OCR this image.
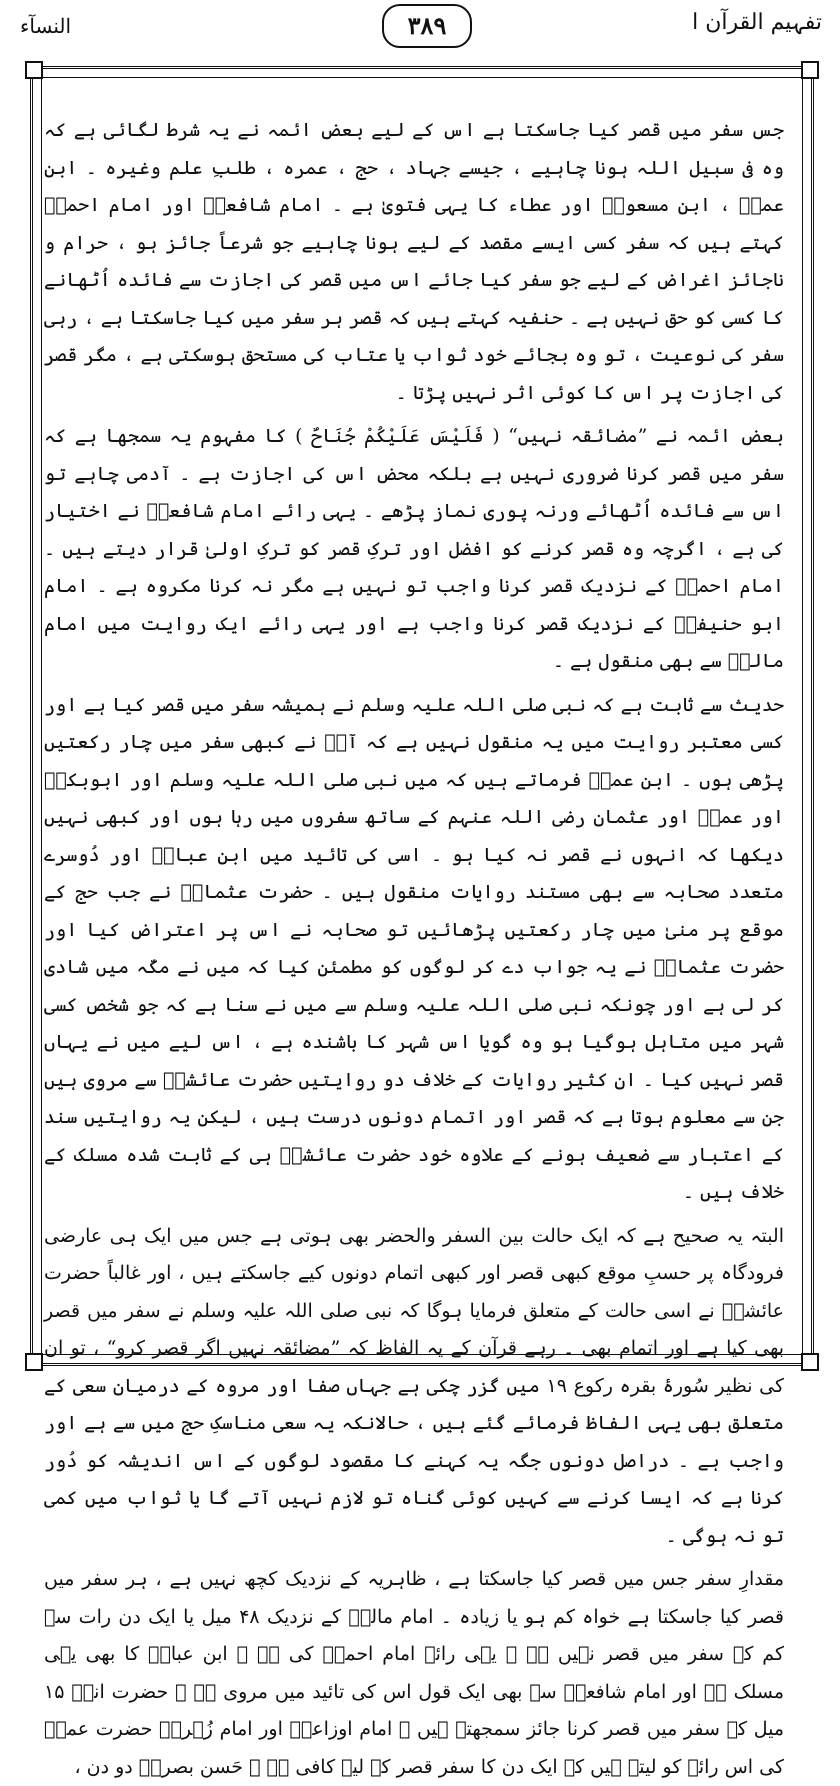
النسآء	۳۸۹	تفہیم القرآن ا

جس سفر میں قصر کیا جاسکتا ہے اس کے لیے بعض ائمہ نے یہ شرط لگائی ہے کہ وہ فی سبیل اللہ ہونا چاہیے ، جیسے جہاد ، حج ، عمرہ ، طلبِ علم وغیرہ ۔ ابن عمرؓ ، ابن مسعودؓ اور عطاء کا یہی فتویٰ ہے ۔ امام شافعیؒ اور امام احمدؒ کہتے ہیں کہ سفر کسی ایسے مقصد کے لیے ہونا چاہیے جو شرعاً جائز ہو ، حرام و ناجائز اغراض کے لیے جو سفر کیا جائے اس میں قصر کی اجازت سے فائدہ اُٹھانے کا کسی کو حق نہیں ہے ۔ حنفیہ کہتے ہیں کہ قصر ہر سفر میں کیا جاسکتا ہے ، رہی سفر کی نوعیت ، تو وہ بجائے خود ثواب یا عتاب کی مستحق ہوسکتی ہے ، مگر قصر کی اجازت پر اس کا کوئی اثر نہیں پڑتا ۔

بعض ائمہ نے ”مضائقہ نہیں“ ( فَلَيْسَ عَلَيْكُمْ جُنَاحٌ ) کا مفہوم یہ سمجھا ہے کہ سفر میں قصر کرنا ضروری نہیں ہے بلکہ محض اس کی اجازت ہے ۔ آدمی چاہے تو اس سے فائدہ اُٹھائے ورنہ پوری نماز پڑھے ۔ یہی رائے امام شافعیؒ نے اختیار کی ہے ، اگرچہ وہ قصر کرنے کو افضل اور ترکِ قصر کو ترکِ اولیٰ قرار دیتے ہیں ۔ امام احمدؒ کے نزدیک قصر کرنا واجب تو نہیں ہے مگر نہ کرنا مکروہ ہے ۔ امام ابو حنیفہؒ کے نزدیک قصر کرنا واجب ہے اور یہی رائے ایک روایت میں امام مالکؒ سے بھی منقول ہے ۔

حدیث سے ثابت ہے کہ نبی صلی اللہ علیہ وسلم نے ہمیشہ سفر میں قصر کیا ہے اور کسی معتبر روایت میں یہ منقول نہیں ہے کہ آپؐ نے کبھی سفر میں چار رکعتیں پڑھی ہوں ۔ ابن عمرؓ فرماتے ہیں کہ میں نبی صلی اللہ علیہ وسلم اور ابوبکرؓ اور عمرؓ اور عثمان رضی اللہ عنہم کے ساتھ سفروں میں رہا ہوں اور کبھی نہیں دیکھا کہ انہوں نے قصر نہ کیا ہو ۔ اسی کی تائید میں ابن عباسؓ اور دُوسرے متعدد صحابہ سے بھی مستند روایات منقول ہیں ۔ حضرت عثمانؓ نے جب حج کے موقع پر منیٰ میں چار رکعتیں پڑھائیں تو صحابہ نے اس پر اعتراض کیا اور حضرت عثمانؓ نے یہ جواب دے کر لوگوں کو مطمئن کیا کہ میں نے مکّہ میں شادی کر لی ہے اور چونکہ نبی صلی اللہ علیہ وسلم سے میں نے سنا ہے کہ جو شخص کسی شہر میں متاہل ہوگیا ہو وہ گویا اس شہر کا باشندہ ہے ، اس لیے میں نے یہاں قصر نہیں کیا ۔ ان کثیر روایات کے خلاف دو روایتیں حضرت عائشہؓ سے مروی ہیں جن سے معلوم ہوتا ہے کہ قصر اور اتمام دونوں درست ہیں ، لیکن یہ روایتیں سند کے اعتبار سے ضعیف ہونے کے علاوہ خود حضرت عائشہؓ ہی کے ثابت شدہ مسلک کے خلاف ہیں ۔

البتہ یہ صحیح ہے کہ ایک حالت بین السفر والحضر بھی ہوتی ہے جس میں ایک ہی عارضی فرودگاہ پر حسبِ موقع کبھی قصر اور کبھی اتمام دونوں کیے جاسکتے ہیں ، اور غالباً حضرت عائشہؓ نے اسی حالت کے متعلق فرمایا ہوگا کہ نبی صلی اللہ علیہ وسلم نے سفر میں قصر بھی کیا ہے اور اتمام بھی ۔ رہے قرآن کے یہ الفاظ کہ ”مضائقہ نہیں اگر قصر کرو“ ، تو ان کی نظیر سُورۂ بقرہ رکوع ۱۹ میں گزر چکی ہے جہاں صفا اور مروہ کے درمیان سعی کے متعلق بھی یہی الفاظ فرمائے گئے ہیں ، حالانکہ یہ سعی مناسکِ حج میں سے ہے اور واجب ہے ۔ دراصل دونوں جگہ یہ کہنے کا مقصود لوگوں کے اس اندیشہ کو دُور کرنا ہے کہ ایسا کرنے سے کہیں کوئی گناہ تو لازم نہیں آتے گا یا ثواب میں کمی تو نہ ہوگی ۔

مقدارِ سفر جس میں قصر کیا جاسکتا ہے ، ظاہریہ کے نزدیک کچھ نہیں ہے ، ہر سفر میں قصر کیا جاسکتا ہے خواہ کم ہو یا زیادہ ۔ امام مالکؒ کے نزدیک ۴۸ میل یا ایک دن رات سے کم کے سفر میں قصر نہیں ہے ۔ یہی رائے امام احمدؒ کی ہے ۔ ابن عباسؓ کا بھی یہی مسلک ہے اور امام شافعیؒ سے بھی ایک قول اس کی تائید میں مروی ہے ۔ حضرت انسؓ ۱۵ میل کے سفر میں قصر کرنا جائز سمجھتے ہیں ۔ امام اوزاعیؒ اور امام زُہریؒ حضرت عمرؓ کی اس رائے کو لیتے ہیں کہ ایک دن کا سفر قصر کے لیے کافی ہے ۔ حَسن بصریؒ دو دن ،
